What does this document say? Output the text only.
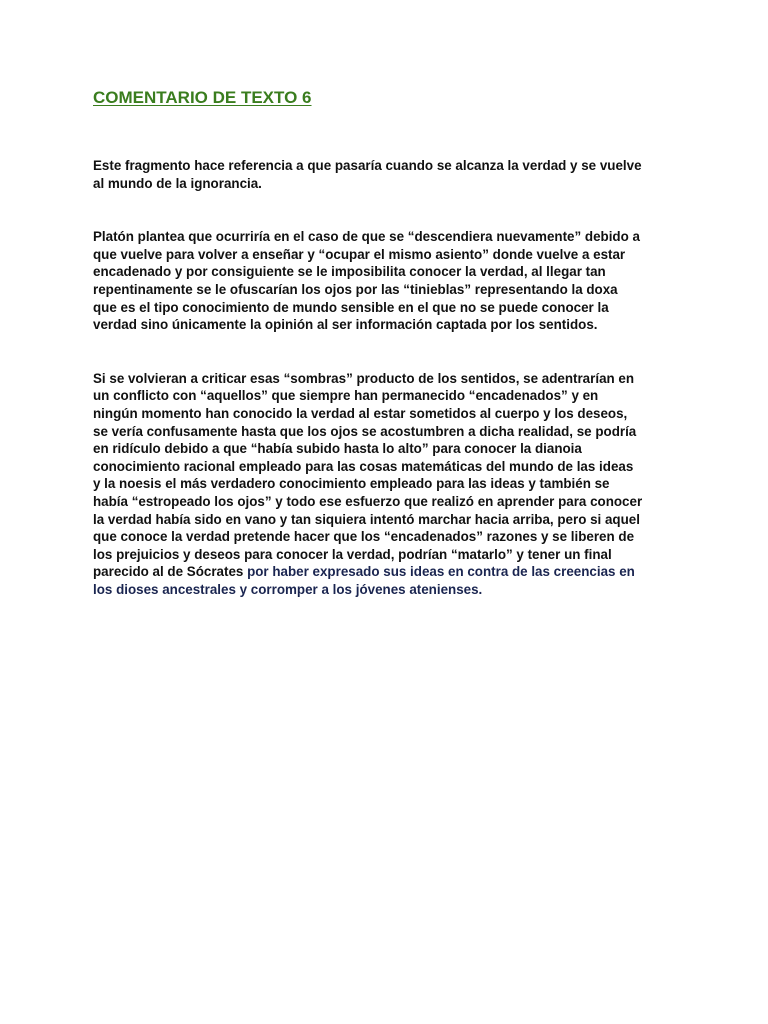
COMENTARIO DE TEXTO 6

Este fragmento hace referencia a que pasaría cuando se alcanza la verdad y se vuelve
al mundo de la ignorancia.

Platón plantea que ocurriría en el caso de que se “descendiera nuevamente” debido a
que vuelve para volver a enseñar y “ocupar el mismo asiento” donde vuelve a estar
encadenado y por consiguiente se le imposibilita conocer la verdad, al llegar tan
repentinamente se le ofuscarían los ojos por las “tinieblas” representando la doxa
que es el tipo conocimiento de mundo sensible en el que no se puede conocer la
verdad sino únicamente la opinión al ser información captada por los sentidos.

Si se volvieran a criticar esas “sombras” producto de los sentidos, se adentrarían en
un conflicto con “aquellos” que siempre han permanecido “encadenados” y en
ningún momento han conocido la verdad al estar sometidos al cuerpo y los deseos,
se vería confusamente hasta que los ojos se acostumbren a dicha realidad, se podría
en ridículo debido a que “había subido hasta lo alto” para conocer la dianoia
conocimiento racional empleado para las cosas matemáticas del mundo de las ideas
y la noesis el más verdadero conocimiento empleado para las ideas y también se
había “estropeado los ojos” y todo ese esfuerzo que realizó en aprender para conocer
la verdad había sido en vano y tan siquiera intentó marchar hacia arriba, pero si aquel
que conoce la verdad pretende hacer que los “encadenados” razones y se liberen de
los prejuicios y deseos para conocer la verdad, podrían “matarlo” y tener un final
parecido al de Sócrates por haber expresado sus ideas en contra de las creencias en
los dioses ancestrales y corromper a los jóvenes atenienses.
